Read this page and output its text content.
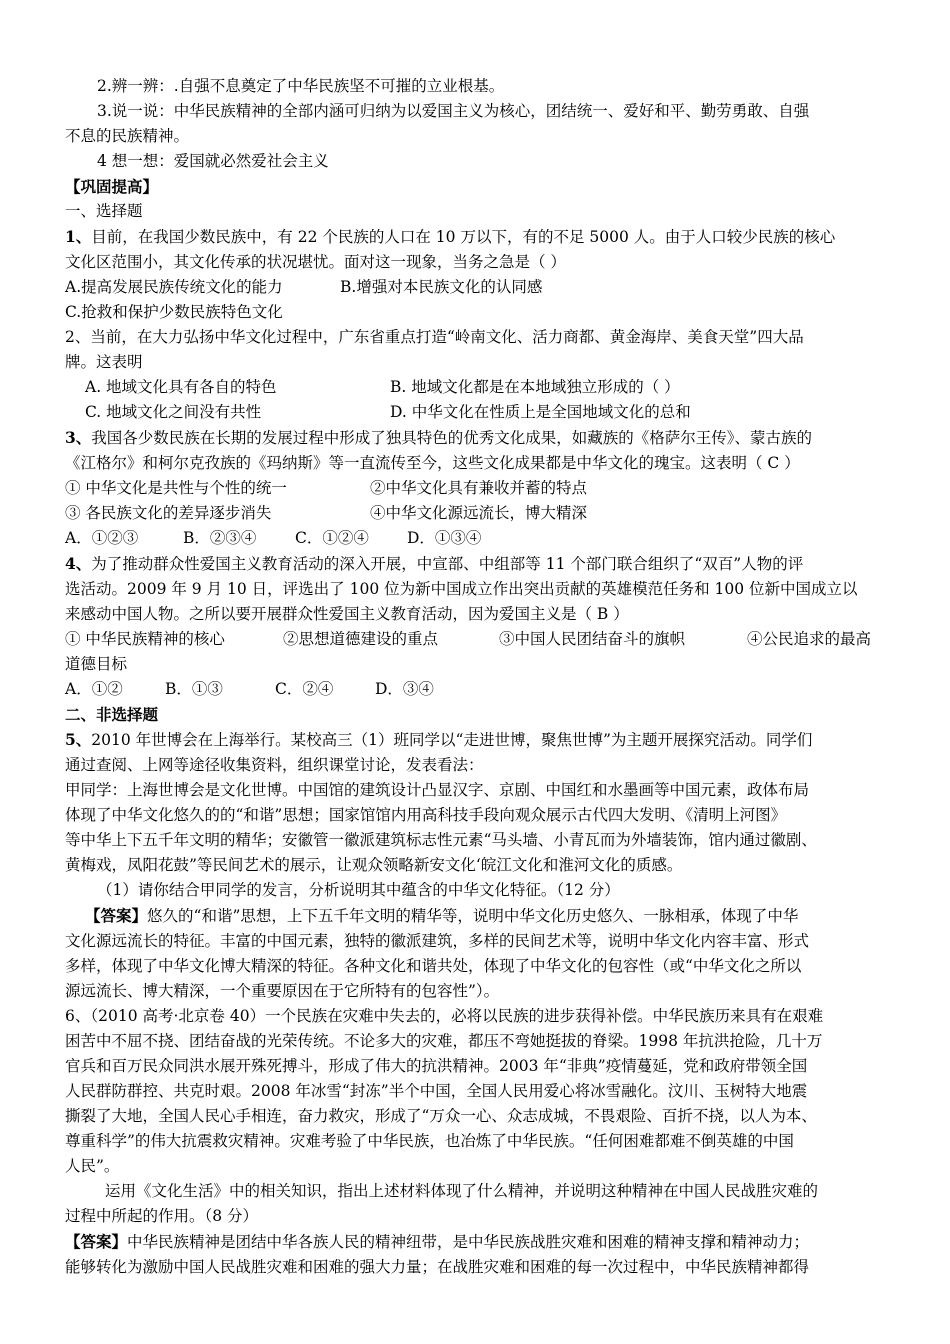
2.辨一辨：.自强不息奠定了中华民族坚不可摧的立业根基。
3.说一说：中华民族精神的全部内涵可归纳为以爱国主义为核心，团结统一、爱好和平、勤劳勇敢、自强
不息的民族精神。
4 想一想：爱国就必然爱社会主义
【巩固提高】
一、选择题
1、目前，在我国少数民族中，有 22 个民族的人口在 10 万以下，有的不足 5000 人。由于人口较少民族的核心
文化区范围小，其文化传承的状况堪忧。面对这一现象，当务之急是（ ）
A.提高发展民族传统文化的能力	B.增强对本民族文化的认同感
C.抢救和保护少数民族特色文化
2、当前，在大力弘扬中华文化过程中，广东省重点打造“岭南文化、活力商都、黄金海岸、美食天堂”四大品
牌。这表明
A. 地域文化具有各自的特色	B. 地域文化都是在本地域独立形成的（ ）
C. 地域文化之间没有共性	D. 中华文化在性质上是全国地域文化的总和
3、我国各少数民族在长期的发展过程中形成了独具特色的优秀文化成果，如藏族的《格萨尔王传》、蒙古族的
《江格尔》和柯尔克孜族的《玛纳斯》等一直流传至今，这些文化成果都是中华文化的瑰宝。这表明（ C ）
① 中华文化是共性与个性的统一	②中华文化具有兼收并蓄的特点
③ 各民族文化的差异逐步消失	④中华文化源远流长，博大精深
A．①②③	B．②③④	C．①②④	D．①③④
4、为了推动群众性爱国主义教育活动的深入开展，中宣部、中组部等 11 个部门联合组织了“双百”人物的评
选活动。2009 年 9 月 10 日，评选出了 100 位为新中国成立作出突出贡献的英雄模范任务和 100 位新中国成立以
来感动中国人物。之所以要开展群众性爱国主义教育活动，因为爱国主义是（ B ）
① 中华民族精神的核心	②思想道德建设的重点	③中国人民团结奋斗的旗帜	④公民追求的最高
道德目标
A．①②	B．①③	C．②④	D．③④
二、非选择题
5、2010 年世博会在上海举行。某校高三（1）班同学以“走进世博，聚焦世博”为主题开展探究活动。同学们
通过查阅、上网等途径收集资料，组织课堂讨论，发表看法：
甲同学：上海世博会是文化世博。中国馆的建筑设计凸显汉字、京剧、中国红和水墨画等中国元素，政体布局
体现了中华文化悠久的的“和谐”思想；国家馆馆内用高科技手段向观众展示古代四大发明、《清明上河图》
等中华上下五千年文明的精华；安徽管一徽派建筑标志性元素“马头墙、小青瓦而为外墙装饰，馆内通过徽剧、
黄梅戏，凤阳花鼓”等民间艺术的展示，让观众领略新安文化‘皖江文化和淮河文化的质感。
（1）请你结合甲同学的发言，分析说明其中蕴含的中华文化特征。（12 分）
【答案】悠久的“和谐”思想，上下五千年文明的精华等，说明中华文化历史悠久、一脉相承，体现了中华
文化源远流长的特征。丰富的中国元素，独特的徽派建筑，多样的民间艺术等，说明中华文化内容丰富、形式
多样，体现了中华文化博大精深的特征。各种文化和谐共处，体现了中华文化的包容性（或“中华文化之所以
源远流长、博大精深，一个重要原因在于它所特有的包容性”）。
6、（2010 高考·北京卷 40）一个民族在灾难中失去的，必将以民族的进步获得补偿。中华民族历来具有在艰难
困苦中不屈不挠、团结奋战的光荣传统。不论多大的灾难，都压不弯她挺拔的脊梁。1998 年抗洪抢险，几十万
官兵和百万民众同洪水展开殊死搏斗，形成了伟大的抗洪精神。2003 年“非典”疫情蔓延，党和政府带领全国
人民群防群控、共克时艰。2008 年冰雪“封冻”半个中国，全国人民用爱心将冰雪融化。汶川、玉树特大地震
撕裂了大地，全国人民心手相连，奋力救灾，形成了“万众一心、众志成城，不畏艰险、百折不挠，以人为本、
尊重科学”的伟大抗震救灾精神。灾难考验了中华民族，也冶炼了中华民族。“任何困难都难不倒英雄的中国
人民”。
运用《文化生活》中的相关知识，指出上述材料体现了什么精神，并说明这种精神在中国人民战胜灾难的
过程中所起的作用。（8 分）
【答案】中华民族精神是团结中华各族人民的精神纽带，是中华民族战胜灾难和困难的精神支撑和精神动力；
能够转化为激励中国人民战胜灾难和困难的强大力量；在战胜灾难和困难的每一次过程中，中华民族精神都得
